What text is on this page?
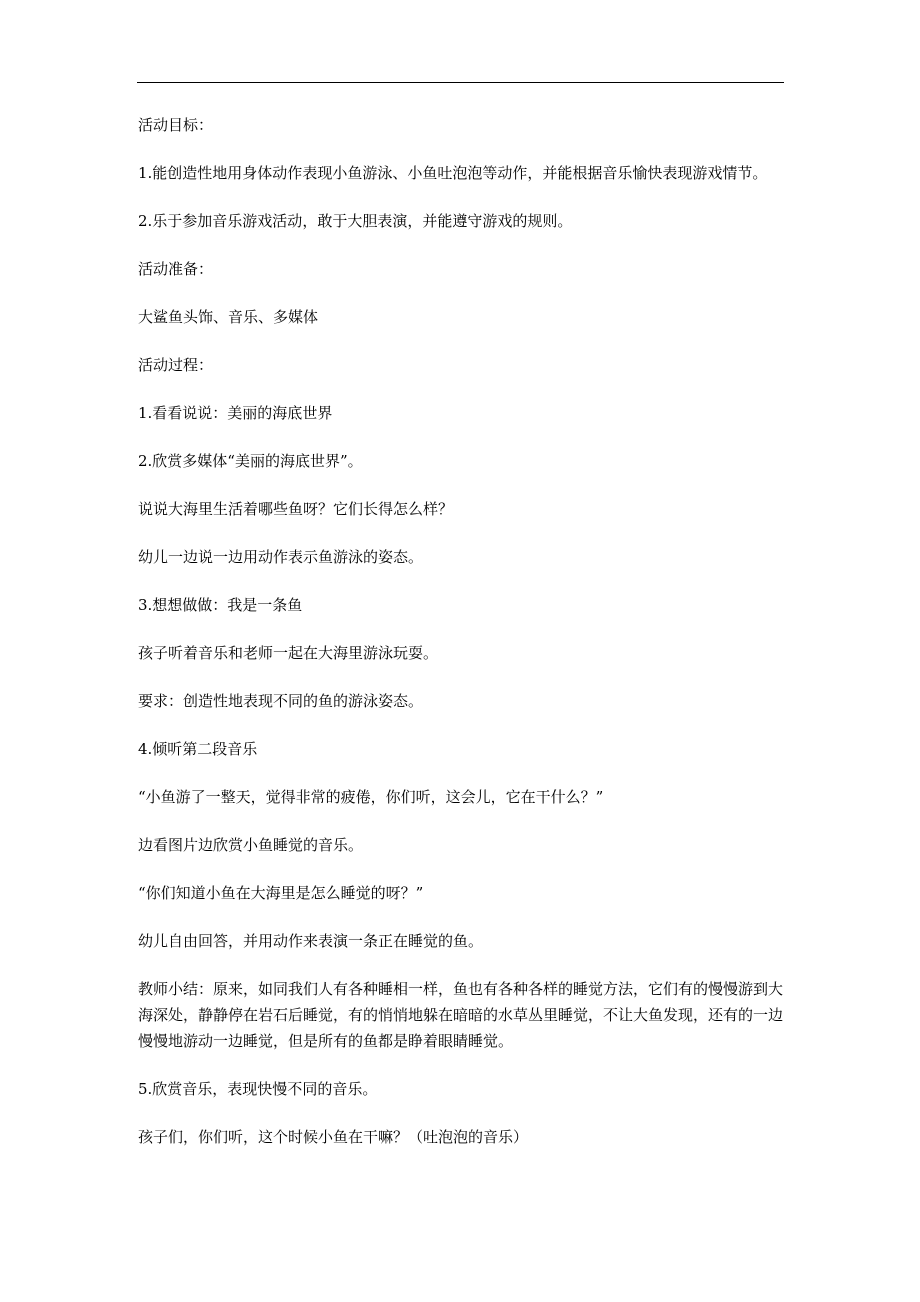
活动目标：

1.能创造性地用身体动作表现小鱼游泳、小鱼吐泡泡等动作，并能根据音乐愉快表现游戏情节。

2.乐于参加音乐游戏活动，敢于大胆表演，并能遵守游戏的规则。

活动准备：

大鲨鱼头饰、音乐、多媒体

活动过程：

1.看看说说：美丽的海底世界

2.欣赏多媒体“美丽的海底世界”。

说说大海里生活着哪些鱼呀？它们长得怎么样？

幼儿一边说一边用动作表示鱼游泳的姿态。

3.想想做做：我是一条鱼

孩子听着音乐和老师一起在大海里游泳玩耍。

要求：创造性地表现不同的鱼的游泳姿态。

4.倾听第二段音乐

“小鱼游了一整天，觉得非常的疲倦，你们听，这会儿，它在干什么？”

边看图片边欣赏小鱼睡觉的音乐。

“你们知道小鱼在大海里是怎么睡觉的呀？”

幼儿自由回答，并用动作来表演一条正在睡觉的鱼。

教师小结：原来，如同我们人有各种睡相一样，鱼也有各种各样的睡觉方法，它们有的慢慢游到大海深处，静静停在岩石后睡觉，有的悄悄地躲在暗暗的水草丛里睡觉，不让大鱼发现，还有的一边慢慢地游动一边睡觉，但是所有的鱼都是睁着眼睛睡觉。

5.欣赏音乐，表现快慢不同的音乐。

孩子们，你们听，这个时候小鱼在干嘛？（吐泡泡的音乐）
